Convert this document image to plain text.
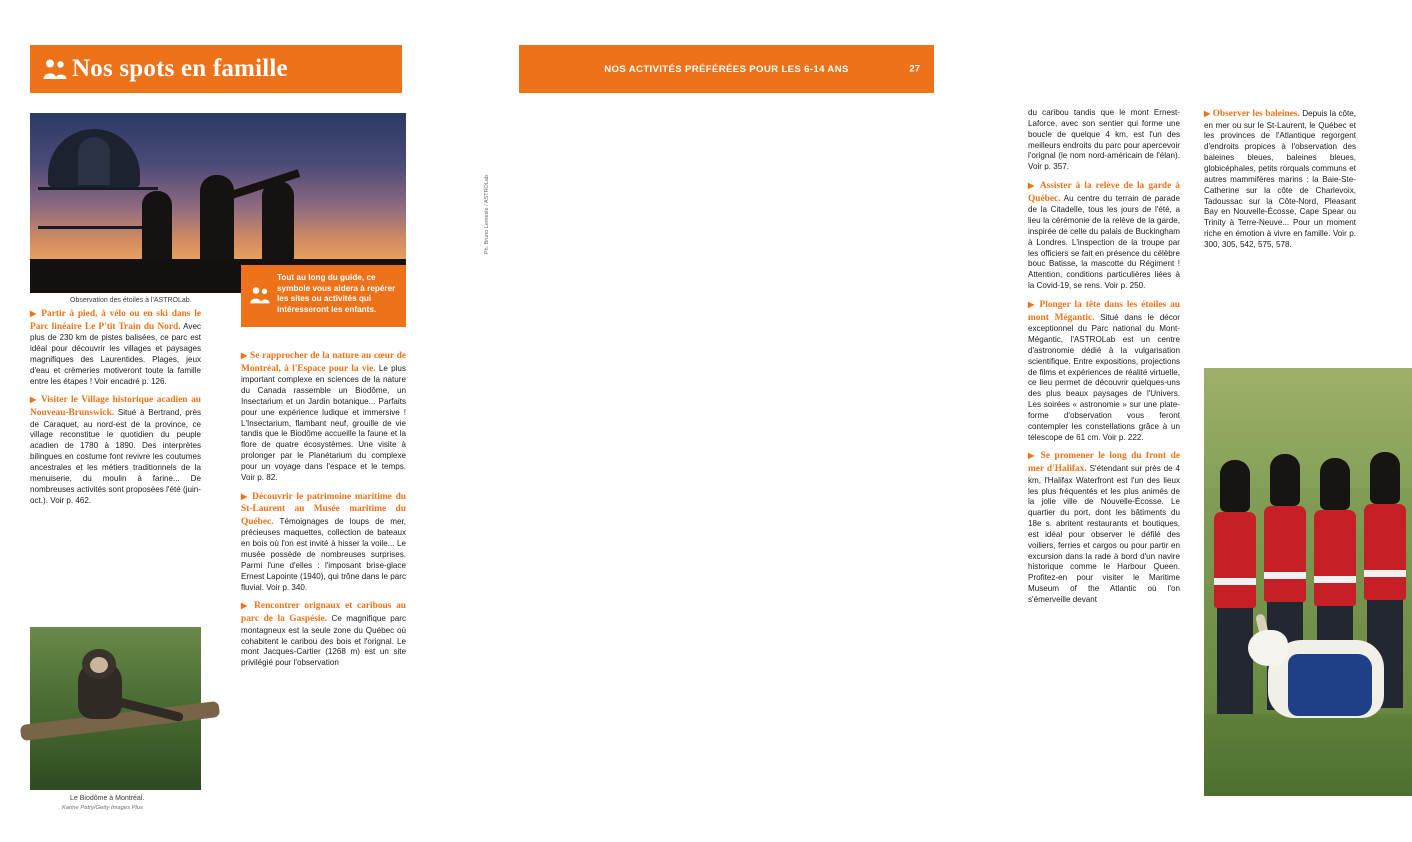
Nos spots en famille
Ph. Bruno Lemesle / ASTROLab
Observation des étoiles à l'ASTROLab.
Tout au long du guide, ce symbole vous aidera à repérer les sites ou activités qui intéresseront les enfants.

▶ Partir à pied, à vélo ou en ski dans le Parc linéaire Le P'tit Train du Nord. Avec plus de 230 km de pistes balisées, ce parc est idéal pour découvrir les villages et paysages magnifiques des Laurentides. Plages, jeux d'eau et crèmeries motiveront toute la famille entre les étapes ! Voir encadré p. 126.

▶ Visiter le Village historique acadien au Nouveau-Brunswick. Situé à Bertrand, près de Caraquet, au nord-est de la province, ce village reconstitue le quotidien du peuple acadien de 1780 à 1890. Des interprètes bilingues en costume font revivre les coutumes ancestrales et les métiers traditionnels de la menuiserie, du moulin à farine... De nombreuses activités sont proposées l'été (juin-oct.). Voir p. 462.

▶ Se rapprocher de la nature au cœur de Montréal, à l'Espace pour la vie. Le plus important complexe en sciences de la nature du Canada rassemble un Biodôme, un Insectarium et un Jardin botanique... Parfaits pour une expérience ludique et immersive ! L'Insectarium, flambant neuf, grouille de vie tandis que le Biodôme accueille la faune et la flore de quatre écosystèmes. Une visite à prolonger par le Planétarium du complexe pour un voyage dans l'espace et le temps. Voir p. 82.

▶ Découvrir le patrimoine maritime du St-Laurent au Musée maritime du Québec. Témoignages de loups de mer, précieuses maquettes, collection de bateaux en bois où l'on est invité à hisser la voile... Le musée possède de nombreuses surprises. Parmi l'une d'elles : l'imposant brise-glace Ernest Lapointe (1940), qui trône dans le parc fluvial. Voir p. 340.

▶ Rencontrer orignaux et caribous au parc de la Gaspésie. Ce magnifique parc montagneux est la seule zone du Québec où cohabitent le caribou des bois et l'orignal. Le mont Jacques-Cartier (1268 m) est un site privilégié pour l'observation

Le Biodôme à Montréal.
Karine Patry/Getty Images Plus
NOS ACTIVITÉS PRÉFÉRÉES POUR LES 6-14 ANS	27

du caribou tandis que le mont Ernest-Laforce, avec son sentier qui forme une boucle de quelque 4 km, est l'un des meilleurs endroits du parc pour apercevoir l'orignal (le nom nord-américain de l'élan). Voir p. 357.

▶ Assister à la relève de la garde à Québec. Au centre du terrain de parade de la Citadelle, tous les jours de l'été, a lieu la cérémonie de la relève de la garde, inspirée de celle du palais de Buckingham à Londres. L'inspection de la troupe par les officiers se fait en présence du célèbre bouc Batisse, la mascotte du Régiment ! Attention, conditions particulières liées à la Covid-19, se rens. Voir p. 250.

▶ Plonger la tête dans les étoiles au mont Mégantic. Situé dans le décor exceptionnel du Parc national du Mont-Mégantic, l'ASTROLab est un centre d'astronomie dédié à la vulgarisation scientifique. Entre expositions, projections de films et expériences de réalité virtuelle, ce lieu permet de découvrir quelques-uns des plus beaux paysages de l'Univers. Les soirées « astronomie » sur une plate-forme d'observation vous feront contempler les constellations grâce à un télescope de 61 cm. Voir p. 222.

▶ Se promener le long du front de mer d'Halifax. S'étendant sur près de 4 km, l'Halifax Waterfront est l'un des lieux les plus fréquentés et les plus animés de la jolie ville de Nouvelle-Écosse. Le quartier du port, dont les bâtiments du 18e s. abritent restaurants et boutiques, est idéal pour observer le défilé des voiliers, ferries et cargos ou pour partir en excursion dans la rade à bord d'un navire historique comme le Harbour Queen. Profitez-en pour visiter le Maritime Museum of the Atlantic où l'on s'émerveille devant

▶ Observer les baleines. Depuis la côte, en mer ou sur le St-Laurent, le Québec et les provinces de l'Atlantique regorgent d'endroits propices à l'observation des baleines bleues, baleines bleues, globicéphales, petits rorquals communs et autres mammifères marins : la Baie-Ste-Catherine sur la côte de Charlevoix, Tadoussac sur la Côte-Nord, Pleasant Bay en Nouvelle-Écosse, Cape Spear ou Trinity à Terre-Neuve... Pour un moment riche en émotion à vivre en famille. Voir p. 300, 305, 542, 575, 578.
